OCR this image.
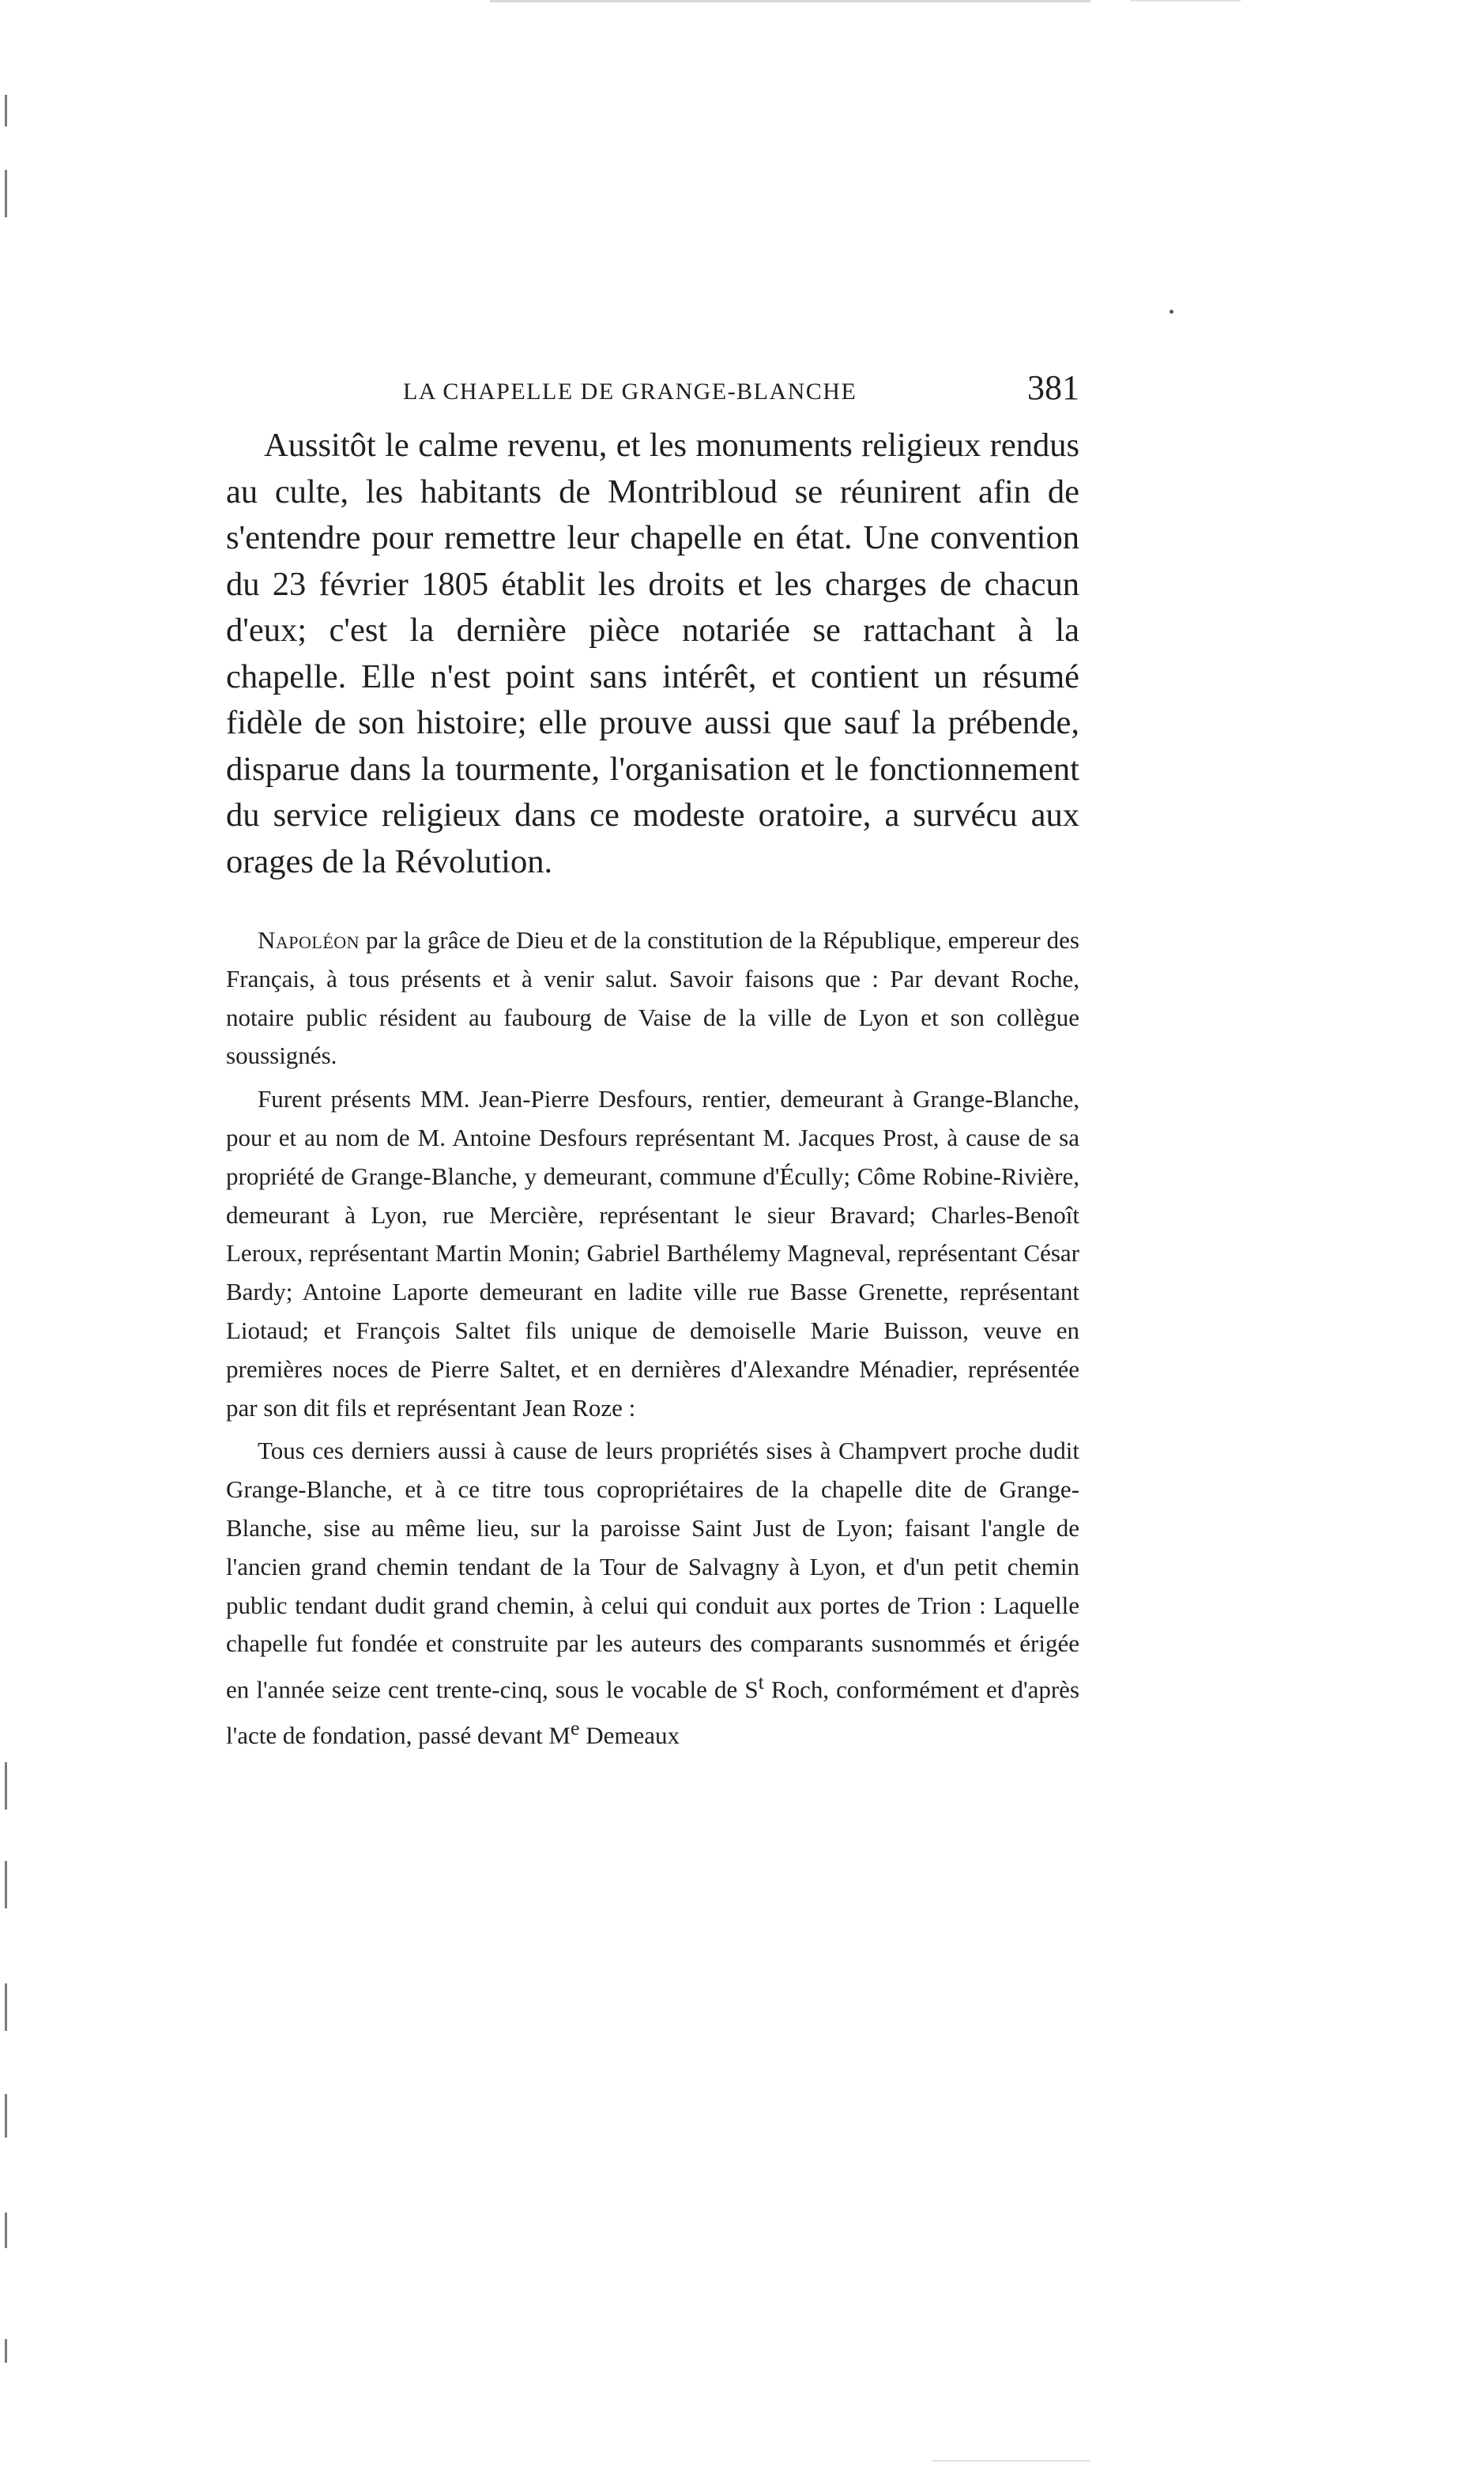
LA CHAPELLE DE GRANGE-BLANCHE	381

Aussitôt le calme revenu, et les monuments religieux rendus au culte, les habitants de Montribloud se réunirent afin de s'entendre pour remettre leur chapelle en état. Une convention du 23 février 1805 établit les droits et les charges de chacun d'eux; c'est la dernière pièce notariée se rattachant à la chapelle. Elle n'est point sans intérêt, et contient un résumé fidèle de son histoire; elle prouve aussi que sauf la prébende, disparue dans la tourmente, l'organisation et le fonctionnement du service religieux dans ce modeste oratoire, a survécu aux orages de la Révolution.

Napoléon par la grâce de Dieu et de la constitution de la République, empereur des Français, à tous présents et à venir salut. Savoir faisons que : Par devant Roche, notaire public résident au faubourg de Vaise de la ville de Lyon et son collègue soussignés.

Furent présents MM. Jean-Pierre Desfours, rentier, demeurant à Grange-Blanche, pour et au nom de M. Antoine Desfours représentant M. Jacques Prost, à cause de sa propriété de Grange-Blanche, y demeurant, commune d'Écully; Côme Robine-Rivière, demeurant à Lyon, rue Mercière, représentant le sieur Bravard; Charles-Benoît Leroux, représentant Martin Monin; Gabriel Barthélemy Magneval, représentant César Bardy; Antoine Laporte demeurant en ladite ville rue Basse Grenette, représentant Liotaud; et François Saltet fils unique de demoiselle Marie Buisson, veuve en premières noces de Pierre Saltet, et en dernières d'Alexandre Ménadier, représentée par son dit fils et représentant Jean Roze :

Tous ces derniers aussi à cause de leurs propriétés sises à Champvert proche dudit Grange-Blanche, et à ce titre tous copropriétaires de la chapelle dite de Grange-Blanche, sise au même lieu, sur la paroisse Saint Just de Lyon; faisant l'angle de l'ancien grand chemin tendant de la Tour de Salvagny à Lyon, et d'un petit chemin public tendant dudit grand chemin, à celui qui conduit aux portes de Trion : Laquelle chapelle fut fondée et construite par les auteurs des comparants susnommés et érigée en l'année seize cent trente-cinq, sous le vocable de $S^t$ Roch, conformément et d'après l'acte de fondation, passé devant Me Demeaux
